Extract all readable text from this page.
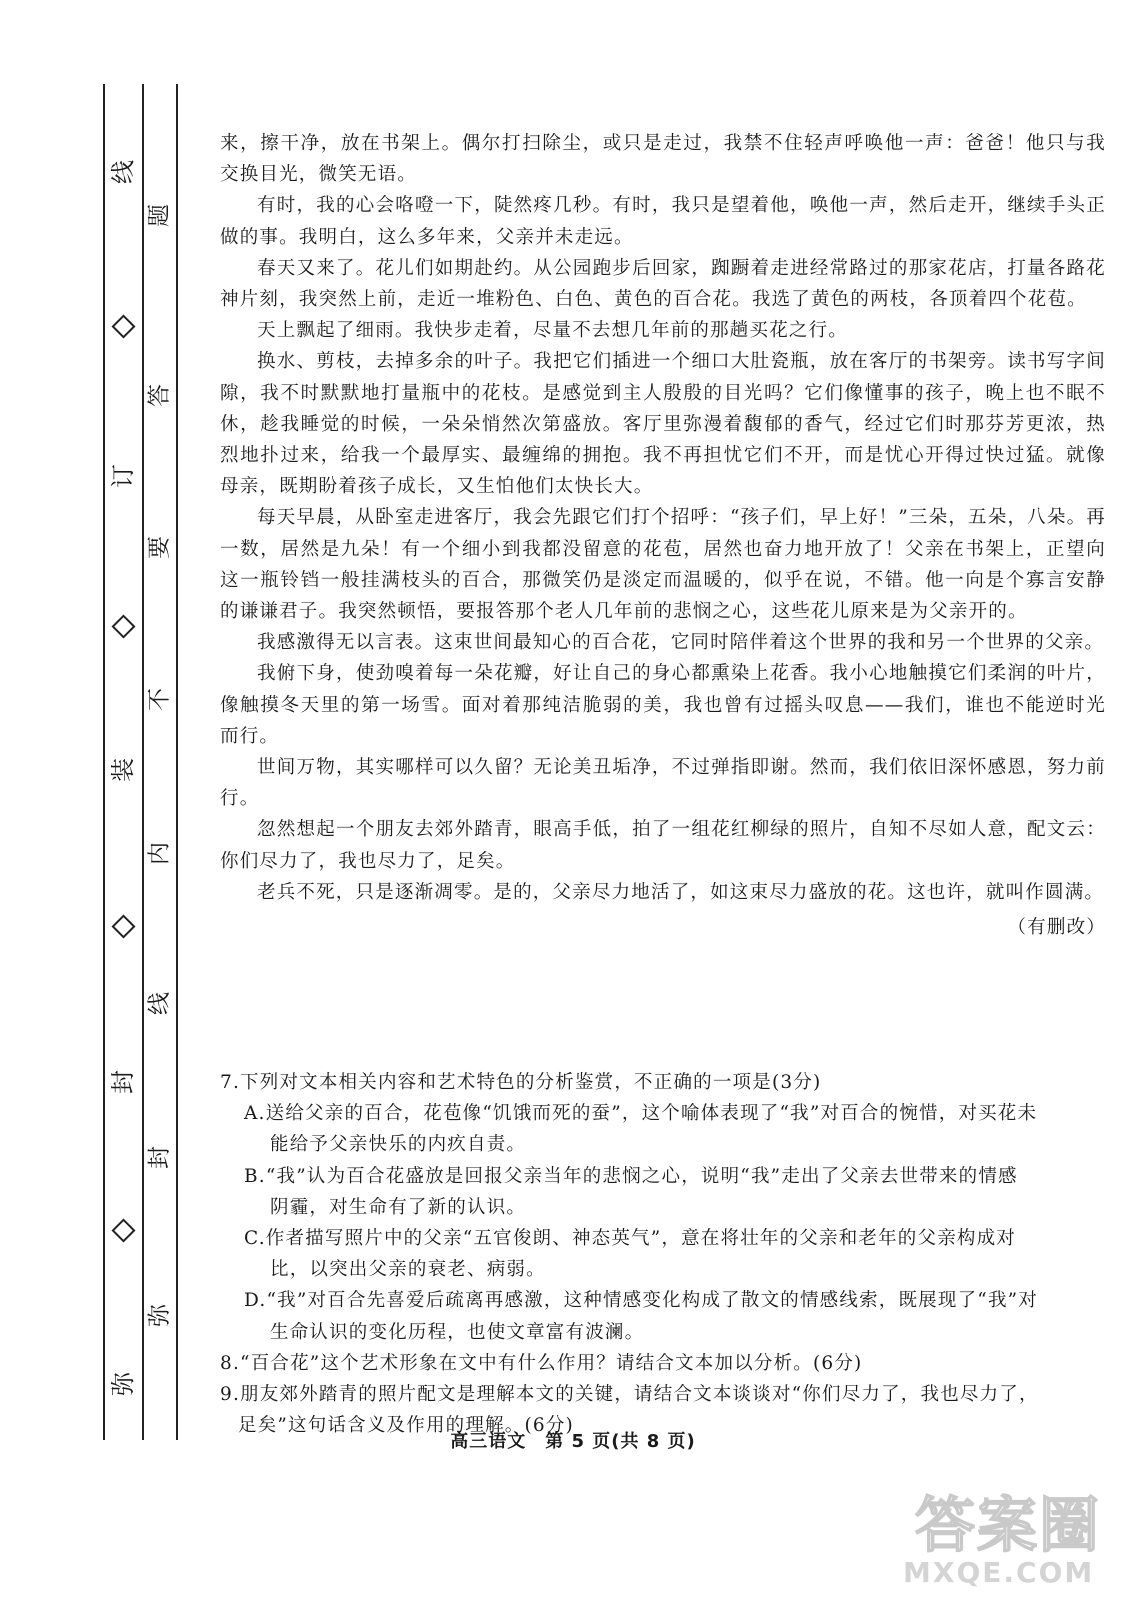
线
订
装
封
弥
题
答
要
不
内
线
封
弥

来，擦干净，放在书架上。偶尔打扫除尘，或只是走过，我禁不住轻声呼唤他一声：爸爸！他只与我交换目光，微笑无语。

有时，我的心会咯噔一下，陡然疼几秒。有时，我只是望着他，唤他一声，然后走开，继续手头正做的事。我明白，这么多年来，父亲并未走远。

春天又来了。花儿们如期赴约。从公园跑步后回家，踟蹰着走进经常路过的那家花店，打量各路花神片刻，我突然上前，走近一堆粉色、白色、黄色的百合花。我选了黄色的两枝，各顶着四个花苞。

天上飘起了细雨。我快步走着，尽量不去想几年前的那趟买花之行。

换水、剪枝，去掉多余的叶子。我把它们插进一个细口大肚瓷瓶，放在客厅的书架旁。读书写字间隙，我不时默默地打量瓶中的花枝。是感觉到主人殷殷的目光吗？它们像懂事的孩子，晚上也不眠不休，趁我睡觉的时候，一朵朵悄然次第盛放。客厅里弥漫着馥郁的香气，经过它们时那芬芳更浓，热烈地扑过来，给我一个最厚实、最缠绵的拥抱。我不再担忧它们不开，而是忧心开得过快过猛。就像母亲，既期盼着孩子成长，又生怕他们太快长大。

每天早晨，从卧室走进客厅，我会先跟它们打个招呼：“孩子们，早上好！”三朵，五朵，八朵。再一数，居然是九朵！有一个细小到我都没留意的花苞，居然也奋力地开放了！父亲在书架上，正望向这一瓶铃铛一般挂满枝头的百合，那微笑仍是淡定而温暖的，似乎在说，不错。他一向是个寡言安静的谦谦君子。我突然顿悟，要报答那个老人几年前的悲悯之心，这些花儿原来是为父亲开的。

我感激得无以言表。这束世间最知心的百合花，它同时陪伴着这个世界的我和另一个世界的父亲。

我俯下身，使劲嗅着每一朵花瓣，好让自己的身心都熏染上花香。我小心地触摸它们柔润的叶片，像触摸冬天里的第一场雪。面对着那纯洁脆弱的美，我也曾有过摇头叹息——我们，谁也不能逆时光而行。

世间万物，其实哪样可以久留？无论美丑垢净，不过弹指即谢。然而，我们依旧深怀感恩，努力前行。

忽然想起一个朋友去郊外踏青，眼高手低，拍了一组花红柳绿的照片，自知不尽如人意，配文云：你们尽力了，我也尽力了，足矣。

老兵不死，只是逐渐凋零。是的，父亲尽力地活了，如这束尽力盛放的花。这也许，就叫作圆满。

（有删改）

7.下列对文本相关内容和艺术特色的分析鉴赏，不正确的一项是(3分)

A.送给父亲的百合，花苞像“饥饿而死的蚕”，这个喻体表现了“我”对百合的惋惜，对买花未

能给予父亲快乐的内疚自责。

B.“我”认为百合花盛放是回报父亲当年的悲悯之心，说明“我”走出了父亲去世带来的情感

阴霾，对生命有了新的认识。

C.作者描写照片中的父亲“五官俊朗、神态英气”，意在将壮年的父亲和老年的父亲构成对

比，以突出父亲的衰老、病弱。

D.“我”对百合先喜爱后疏离再感激，这种情感变化构成了散文的情感线索，既展现了“我”对

生命认识的变化历程，也使文章富有波澜。

8.“百合花”这个艺术形象在文中有什么作用？请结合文本加以分析。(6分)

9.朋友郊外踏青的照片配文是理解本文的关键，请结合文本谈谈对“你们尽力了，我也尽力了，

足矣”这句话含义及作用的理解。(6分)

高三语文　第 5 页(共 8 页)
答案圈
MXQE.COM
